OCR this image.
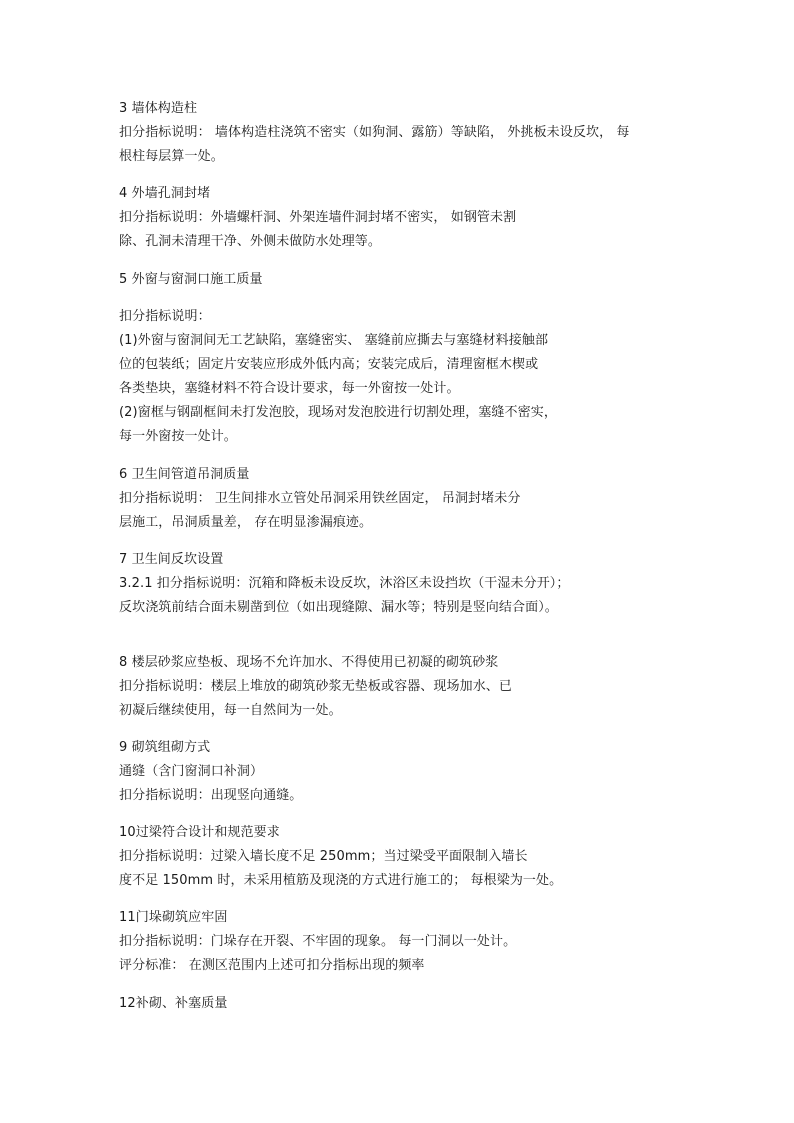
3 墙体构造柱
扣分指标说明： 墙体构造柱浇筑不密实（如狗洞、露筋）等缺陷， 外挑板未设反坎， 每
根柱每层算一处。
4 外墙孔洞封堵
扣分指标说明：外墙螺杆洞、外架连墙件洞封堵不密实， 如钢管未割
除、孔洞未清理干净、外侧未做防水处理等。
5 外窗与窗洞口施工质量
扣分指标说明：
(1)外窗与窗洞间无工艺缺陷，塞缝密实、 塞缝前应撕去与塞缝材料接触部
位的包装纸；固定片安装应形成外低内高；安装完成后，清理窗框木楔或
各类垫块，塞缝材料不符合设计要求，每一外窗按一处计。
(2)窗框与钢副框间未打发泡胶，现场对发泡胶进行切割处理，塞缝不密实，
每一外窗按一处计。
6 卫生间管道吊洞质量
扣分指标说明： 卫生间排水立管处吊洞采用铁丝固定， 吊洞封堵未分
层施工，吊洞质量差， 存在明显渗漏痕迹。
7 卫生间反坎设置
3.2.1 扣分指标说明：沉箱和降板未设反坎，沐浴区未设挡坎（干湿未分开）；
反坎浇筑前结合面未剔凿到位（如出现缝隙、漏水等；特别是竖向结合面）。
8 楼层砂浆应垫板、现场不允许加水、不得使用已初凝的砌筑砂浆
扣分指标说明：楼层上堆放的砌筑砂浆无垫板或容器、现场加水、已
初凝后继续使用，每一自然间为一处。
9 砌筑组砌方式
通缝（含门窗洞口补洞）
扣分指标说明：出现竖向通缝。
10过梁符合设计和规范要求
扣分指标说明：过梁入墙长度不足 250mm；当过梁受平面限制入墙长
度不足 150mm 时，未采用植筋及现浇的方式进行施工的； 每根梁为一处。
11门垛砌筑应牢固
扣分指标说明：门垛存在开裂、不牢固的现象。 每一门洞以一处计。
评分标准： 在测区范围内上述可扣分指标出现的频率
12补砌、补塞质量
